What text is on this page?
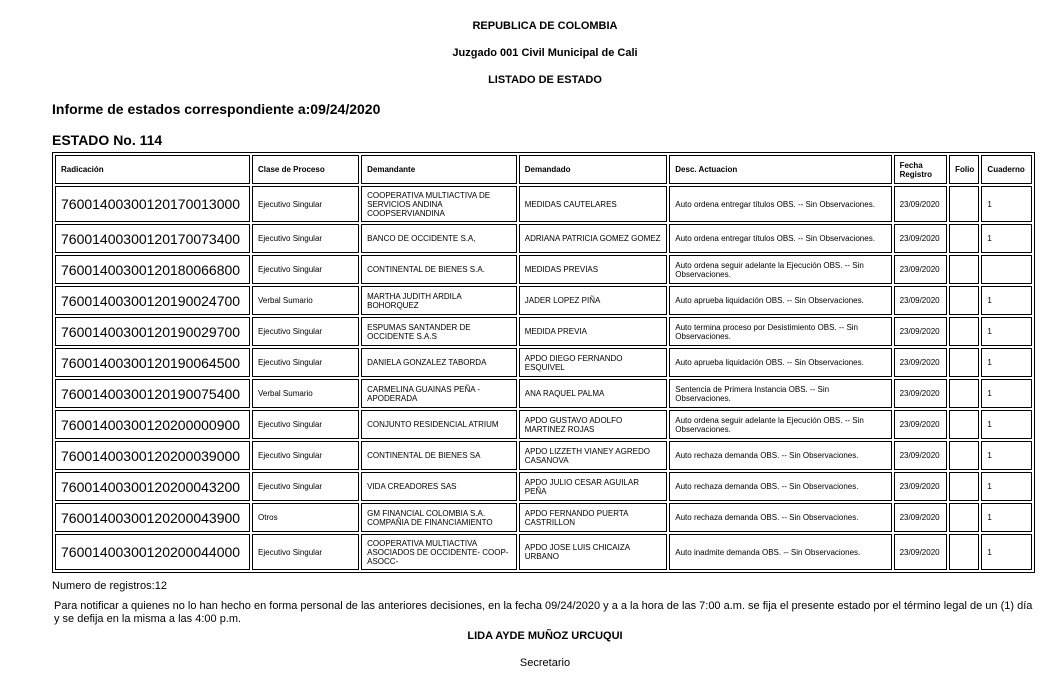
REPUBLICA DE COLOMBIA
Juzgado 001 Civil Municipal de Cali
LISTADO DE ESTADO
Informe de estados correspondiente a:09/24/2020
ESTADO No. 114
Radicación	Clase de Proceso	Demandante	Demandado	Desc. Actuacion	Fecha Registro	Folio	Cuaderno
76001400300120170013000	Ejecutivo Singular	COOPERATIVA MULTIACTIVA DE SERVICIOS ANDINA COOPSERVIANDINA	MEDIDAS CAUTELARES	Auto ordena entregar títulos OBS. -- Sin Observaciones.	23/09/2020		1
76001400300120170073400	Ejecutivo Singular	BANCO DE OCCIDENTE S.A,	ADRIANA PATRICIA GOMEZ GOMEZ	Auto ordena entregar títulos OBS. -- Sin Observaciones.	23/09/2020		1
76001400300120180066800	Ejecutivo Singular	CONTINENTAL DE BIENES S.A.	MEDIDAS PREVIAS	Auto ordena seguir adelante la Ejecución OBS. -- Sin Observaciones.	23/09/2020		
76001400300120190024700	Verbal Sumario	MARTHA JUDITH ARDILA BOHORQUEZ	JADER LOPEZ PIÑA	Auto aprueba liquidación OBS. -- Sin Observaciones.	23/09/2020		1
76001400300120190029700	Ejecutivo Singular	ESPUMAS SANTANDER DE OCCIDENTE S.A.S	MEDIDA PREVIA	Auto termina proceso por Desistimiento OBS. -- Sin Observaciones.	23/09/2020		1
76001400300120190064500	Ejecutivo Singular	DANIELA GONZALEZ TABORDA	APDO DIEGO FERNANDO ESQUIVEL	Auto aprueba liquidación OBS. -- Sin Observaciones.	23/09/2020		1
76001400300120190075400	Verbal Sumario	CARMELINA GUAINAS PEÑA - APODERADA	ANA RAQUEL PALMA	Sentencia de Primera Instancia OBS. -- Sin Observaciones.	23/09/2020		1
76001400300120200000900	Ejecutivo Singular	CONJUNTO RESIDENCIAL ATRIUM	APDO GUSTAVO ADOLFO MARTINEZ ROJAS	Auto ordena seguir adelante la Ejecución OBS. -- Sin Observaciones.	23/09/2020		1
76001400300120200039000	Ejecutivo Singular	CONTINENTAL DE BIENES SA	APDO LIZZETH VIANEY AGREDO CASANOVA	Auto rechaza demanda OBS. -- Sin Observaciones.	23/09/2020		1
76001400300120200043200	Ejecutivo Singular	VIDA CREADORES SAS	APDO JULIO CESAR AGUILAR PEÑA	Auto rechaza demanda OBS. -- Sin Observaciones.	23/09/2020		1
76001400300120200043900	Otros	GM FINANCIAL COLOMBIA S.A. COMPAÑIA DE FINANCIAMIENTO	APDO FERNANDO PUERTA CASTRILLON	Auto rechaza demanda OBS. -- Sin Observaciones.	23/09/2020		1
76001400300120200044000	Ejecutivo Singular	COOPERATIVA MULTIACTIVA ASOCIADOS DE OCCIDENTE- COOP-ASOCC-	APDO JOSE LUIS CHICAIZA URBANO	Auto inadmite demanda OBS. -- Sin Observaciones.	23/09/2020		1
Numero de registros:12
Para notificar a quienes no lo han hecho en forma personal de las anteriores decisiones, en la fecha 09/24/2020 y a a la hora de las 7:00 a.m. se fija el presente estado por el término legal de un (1) día y se defija en la misma a las 4:00 p.m.
LIDA AYDE MUÑOZ URCUQUI
Secretario
